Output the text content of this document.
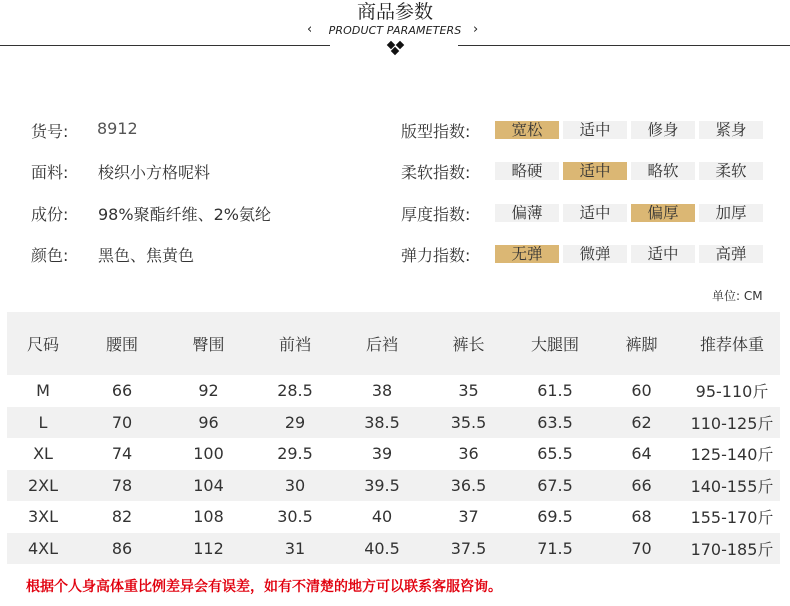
商品参数
‹	PRODUCT PARAMETERS ›
货号: 8912
面料: 梭织小方格呢料
成份: 98%聚酯纤维、2%氨纶
颜色: 黑色、焦黄色
版型指数:	宽松	适中	修身	紧身
柔软指数:	略硬	适中	略软	柔软
厚度指数:	偏薄	适中	偏厚	加厚
弹力指数:	无弹	微弹	适中	高弹
单位: CM
尺码	腰围	臀围	前裆	后裆	裤长	大腿围	裤脚	推荐体重
M	66	92	28.5	38	35	61.5	60	95-110斤
L	70	96	29	38.5	35.5	63.5	62	110-125斤
XL	74	100	29.5	39	36	65.5	64	125-140斤
2XL	78	104	30	39.5	36.5	67.5	66	140-155斤
3XL	82	108	30.5	40	37	69.5	68	155-170斤
4XL	86	112	31	40.5	37.5	71.5	70	170-185斤
根据个人身高体重比例差异会有误差，如有不清楚的地方可以联系客服咨询。
